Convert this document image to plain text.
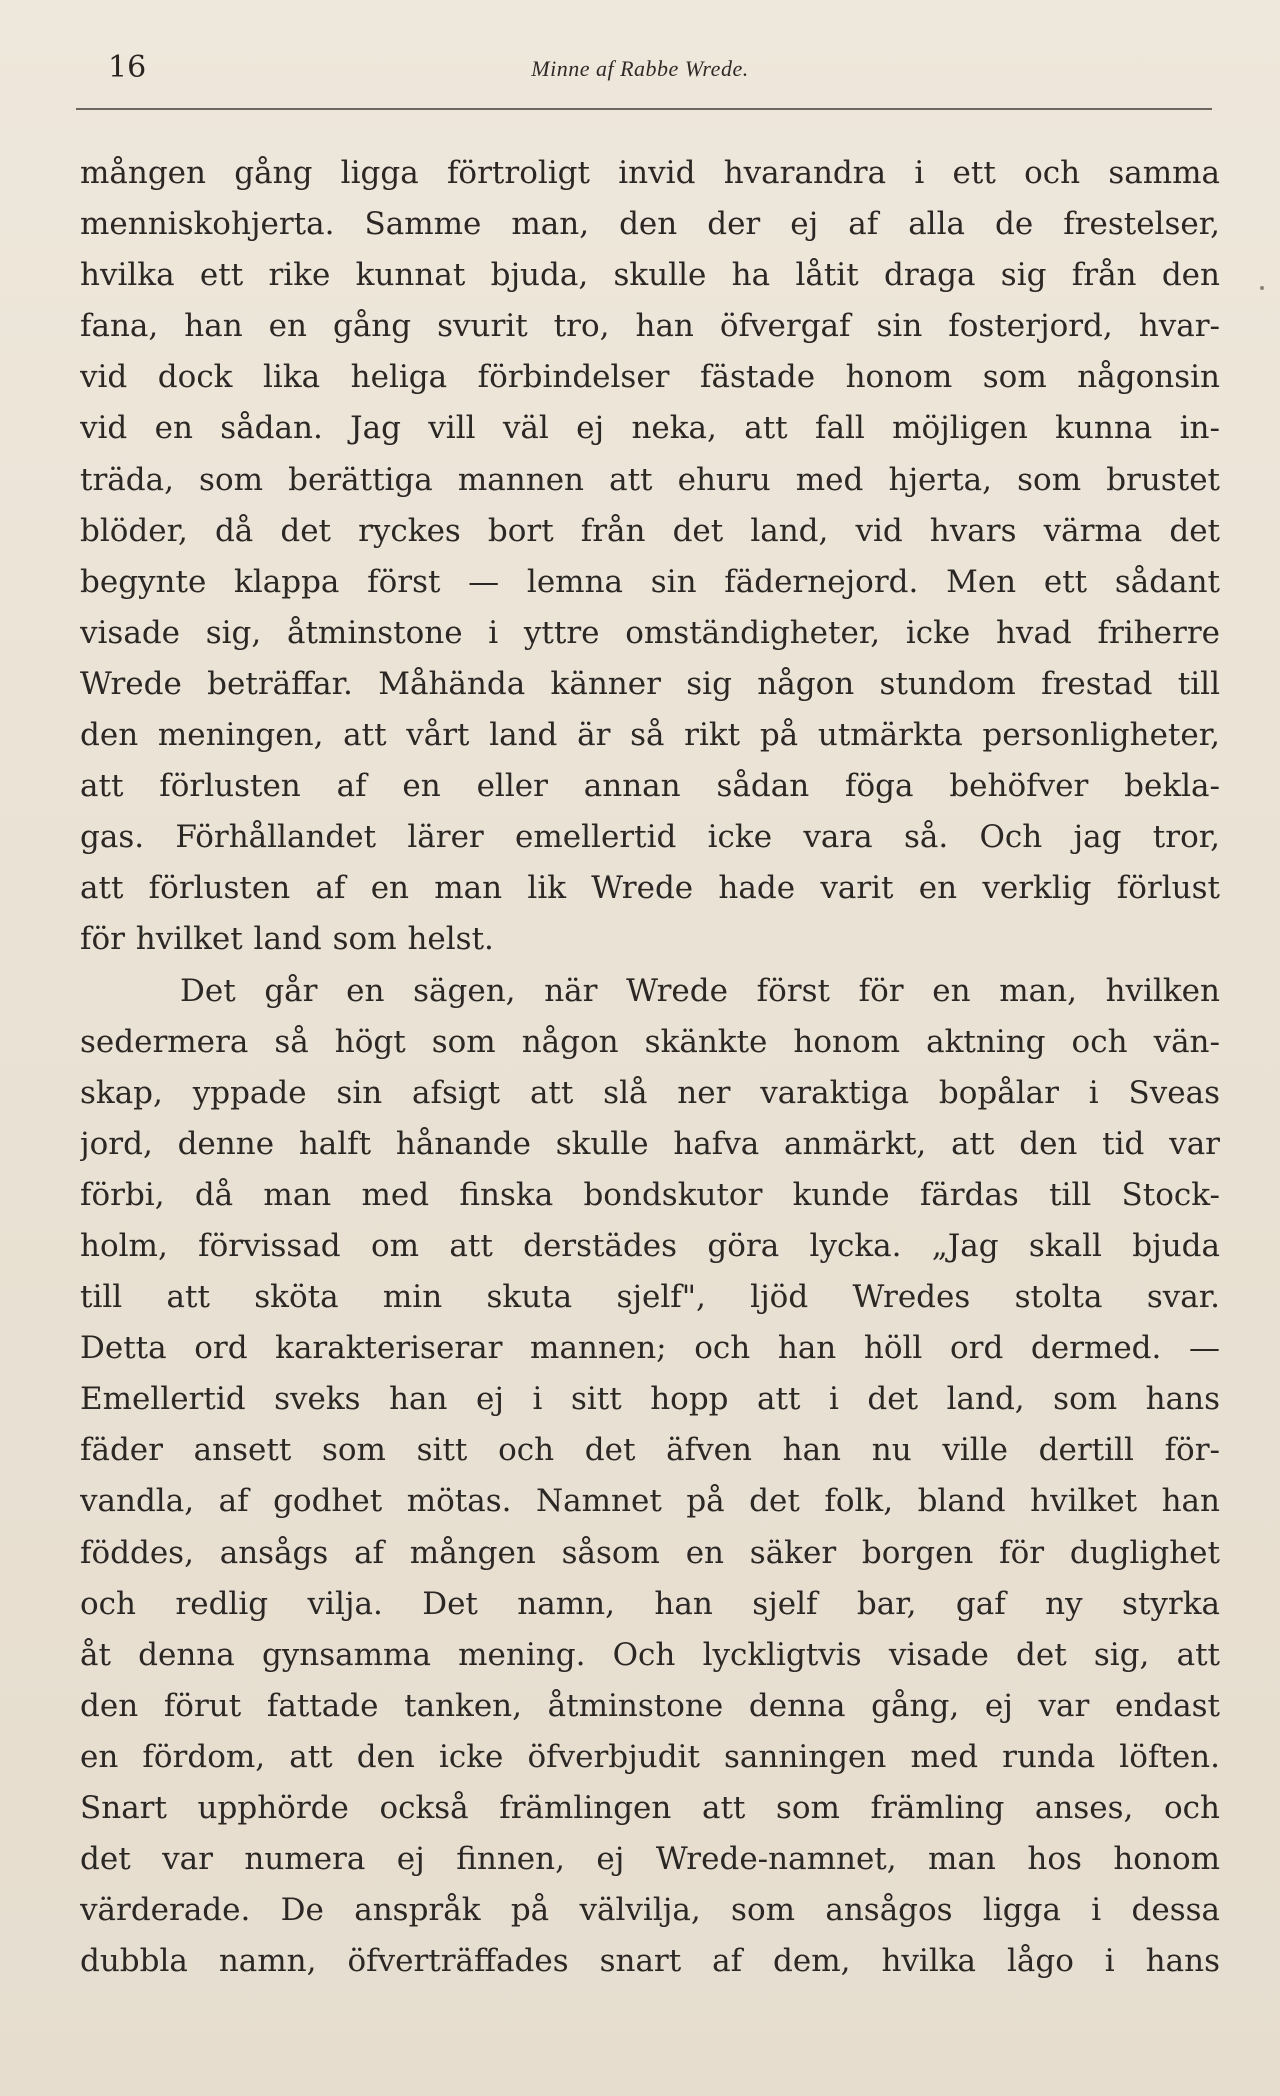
16	Minne af Rabbe Wrede.
mången gång ligga förtroligt invid hvarandra i ett och samma
menniskohjerta. Samme man, den der ej af alla de frestelser,
hvilka ett rike kunnat bjuda, skulle ha låtit draga sig från den
fana, han en gång svurit tro, han öfvergaf sin fosterjord, hvar-
vid dock lika heliga förbindelser fästade honom som någonsin
vid en sådan. Jag vill väl ej neka, att fall möjligen kunna in-
träda, som berättiga mannen att ehuru med hjerta, som brustet
blöder, då det ryckes bort från det land, vid hvars värma det
begynte klappa först — lemna sin fäderneјord. Men ett sådant
visade sig, åtminstone i yttre omständigheter, icke hvad friherre
Wrede beträffar. Måhända känner sig någon stundom frestad till
den meningen, att vårt land är så rikt på utmärkta personligheter,
att förlusten af en eller annan sådan föga behöfver bekla-
gas. Förhållandet lärer emellertid icke vara så. Och jag tror,
att förlusten af en man lik Wrede hade varit en verklig förlust
för hvilket land som helst.
Det går en sägen, när Wrede först för en man, hvilken
sedermera så högt som någon skänkte honom aktning och vän-
skap, yppade sin afsigt att slå ner varaktiga bopålar i Sveas
jord, denne halft hånande skulle hafva anmärkt, att den tid var
förbi, då man med finska bondskutor kunde färdas till Stock-
holm, förvissad om att derstädes göra lycka. „Jag skall bjuda
till att sköta min skuta sjelf", ljöd Wredes stolta svar.
Detta ord karakteriserar mannen; och han höll ord dermed. —
Emellertid sveks han ej i sitt hopp att i det land, som hans
fäder ansett som sitt och det äfven han nu ville dertill för-
vandla, af godhet mötas. Namnet på det folk, bland hvilket han
föddes, ansågs af mången såsom en säker borgen för duglighet
och redlig vilja. Det namn, han sjelf bar, gaf ny styrka
åt denna gynsamma mening. Och lyckligtvis visade det sig, att
den förut fattade tanken, åtminstone denna gång, ej var endast
en fördom, att den icke öfverbjudit sanningen med runda löften.
Snart upphörde också främlingen att som främling anses, och
det var numera ej finnen, ej Wrede-namnet, man hos honom
värderade. De anspråk på välvilja, som ansågos ligga i dessa
dubbla namn, öfverträffades snart af dem, hvilka lågo i hans
